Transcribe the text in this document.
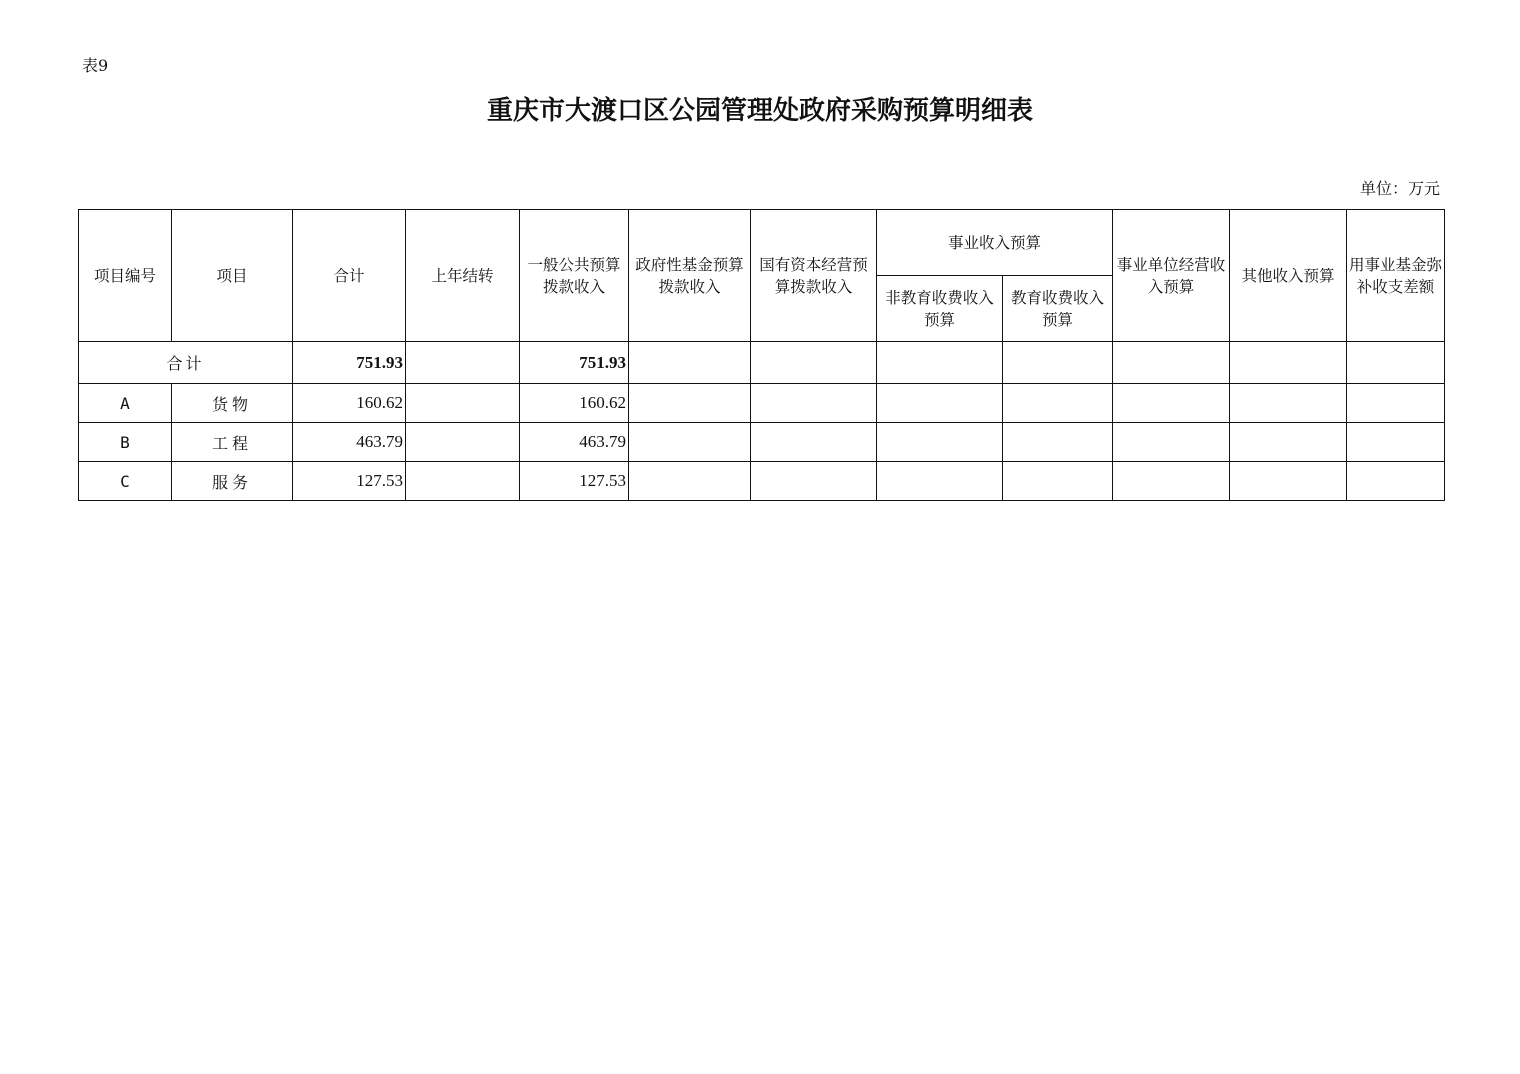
表9
重庆市大渡口区公园管理处政府采购预算明细表
单位：万元
项目编号	项目	合计	上年结转	一般公共预算拨款收入	政府性基金预算拨款收入	国有资本经营预算拨款收入	事业收入预算		事业单位经营收入预算	其他收入预算	用事业基金弥补收支差额
							非教育收费收入预算	教育收费收入预算			
合计		751.93		751.93							
A	货物	160.62		160.62							
B	工程	463.79		463.79							
C	服务	127.53		127.53							
